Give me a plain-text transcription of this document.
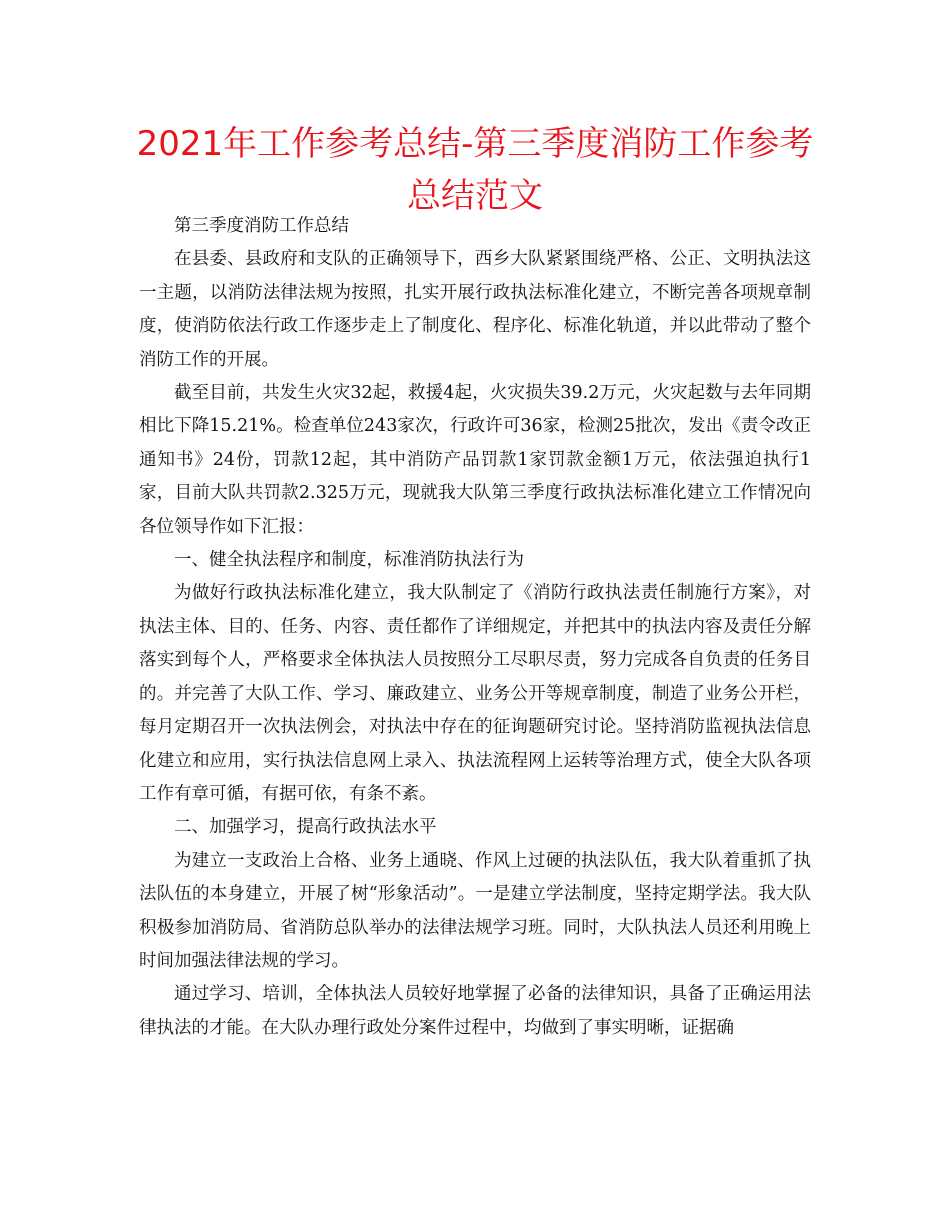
2021年工作参考总结-第三季度消防工作参考总结范文

第三季度消防工作总结

在县委、县政府和支队的正确领导下，西乡大队紧紧围绕严格、公正、文明执法这一主题，以消防法律法规为按照，扎实开展行政执法标准化建立，不断完善各项规章制度，使消防依法行政工作逐步走上了制度化、程序化、标准化轨道，并以此带动了整个消防工作的开展。

截至目前，共发生火灾32起，救援4起，火灾损失39.2万元，火灾起数与去年同期相比下降15.21%。检查单位243家次，行政许可36家，检测25批次，发出《责令改正通知书》24份，罚款12起，其中消防产品罚款1家罚款金额1万元，依法强迫执行1家，目前大队共罚款2.325万元，现就我大队第三季度行政执法标准化建立工作情况向各位领导作如下汇报：

一、健全执法程序和制度，标准消防执法行为

为做好行政执法标准化建立，我大队制定了《消防行政执法责任制施行方案》，对执法主体、目的、任务、内容、责任都作了详细规定，并把其中的执法内容及责任分解落实到每个人，严格要求全体执法人员按照分工尽职尽责，努力完成各自负责的任务目的。并完善了大队工作、学习、廉政建立、业务公开等规章制度，制造了业务公开栏，每月定期召开一次执法例会，对执法中存在的征询题研究讨论。坚持消防监视执法信息化建立和应用，实行执法信息网上录入、执法流程网上运转等治理方式，使全大队各项工作有章可循，有据可依，有条不紊。

二、加强学习，提高行政执法水平

为建立一支政治上合格、业务上通晓、作风上过硬的执法队伍，我大队着重抓了执法队伍的本身建立，开展了树“形象活动”。一是建立学法制度，坚持定期学法。我大队积极参加消防局、省消防总队举办的法律法规学习班。同时，大队执法人员还利用晚上时间加强法律法规的学习。

通过学习、培训，全体执法人员较好地掌握了必备的法律知识，具备了正确运用法律执法的才能。在大队办理行政处分案件过程中，均做到了事实明晰，证据确
